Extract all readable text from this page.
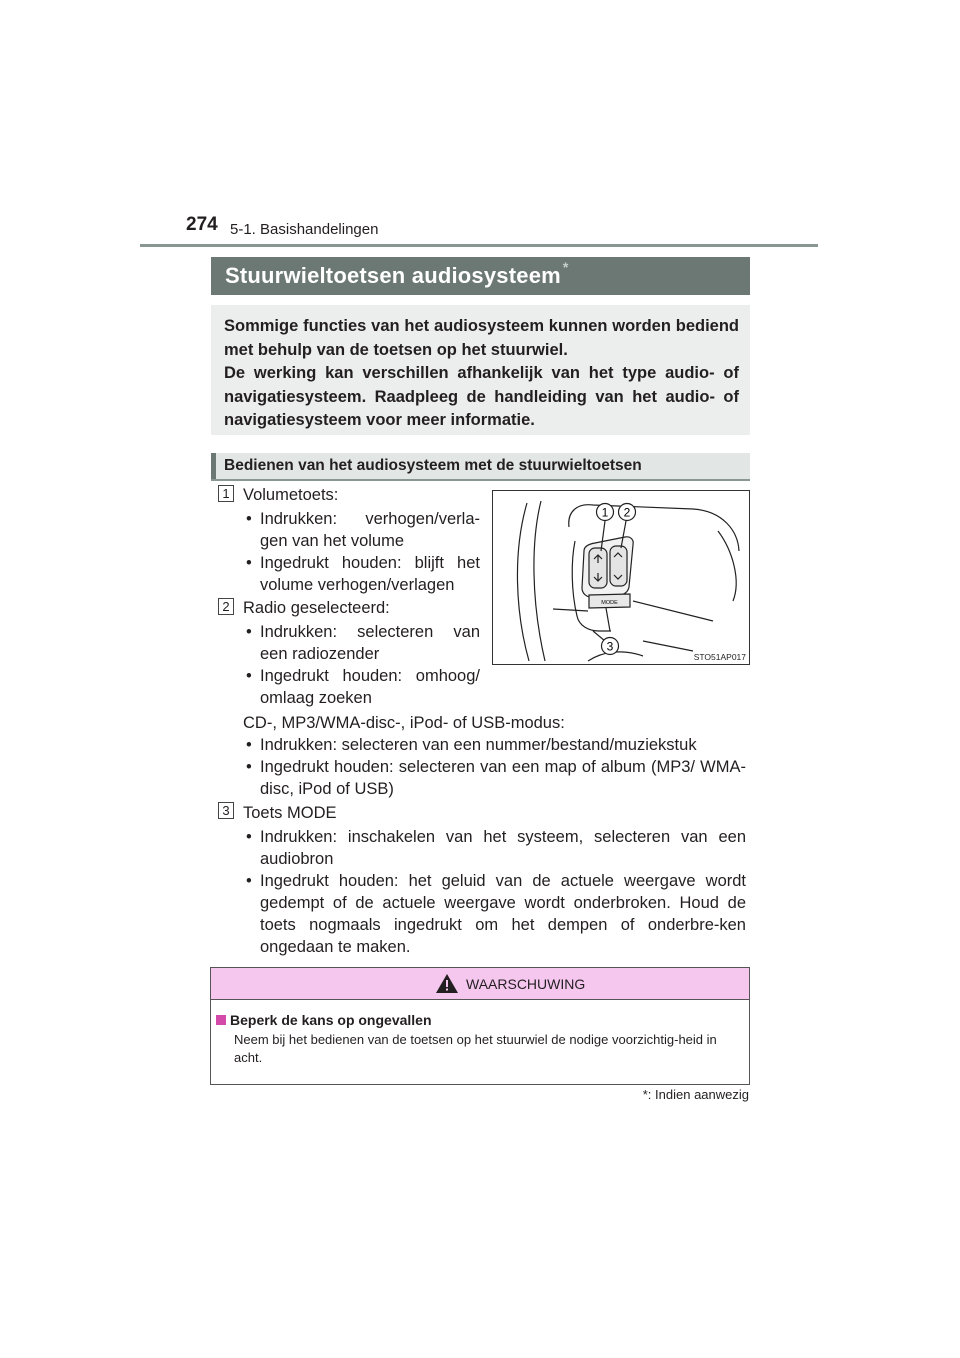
274 5-1. Basishandelingen
Stuurwieltoetsen audiosysteem *

Sommige functies van het audiosysteem kunnen worden bediend met behulp van de toetsen op het stuurwiel.

De werking kan verschillen afhankelijk van het type audio- of navigatiesysteem. Raadpleeg de handleiding van het audio- of navigatiesysteem voor meer informatie.

Bedienen van het audiosysteem met de stuurwieltoetsen
1 Volumetoets:
• Indrukken: verhogen/verla-gen van het volume
• Ingedrukt houden: blijft het volume verhogen/verlagen
2 Radio geselecteerd:
• Indrukken: selecteren van een radiozender
• Ingedrukt houden: omhoog/ omlaag zoeken
CD-, MP3/WMA-disc-, iPod- of USB-modus:
• Indrukken: selecteren van een nummer/bestand/muziekstuk
• Ingedrukt houden: selecteren van een map of album (MP3/ WMA-disc, iPod of USB)
3 Toets MODE
• Indrukken: inschakelen van het systeem, selecteren van een audiobron
• Ingedrukt houden: het geluid van de actuele weergave wordt gedempt of de actuele weergave wordt onderbroken. Houd de toets nogmaals ingedrukt om het dempen of onderbre-ken ongedaan te maken.
MODE
1 2
3
STO51AP017
WAARSCHUWING
Beperk de kans op ongevallen
Neem bij het bedienen van de toetsen op het stuurwiel de nodige voorzichtig-heid in acht.
*: Indien aanwezig
